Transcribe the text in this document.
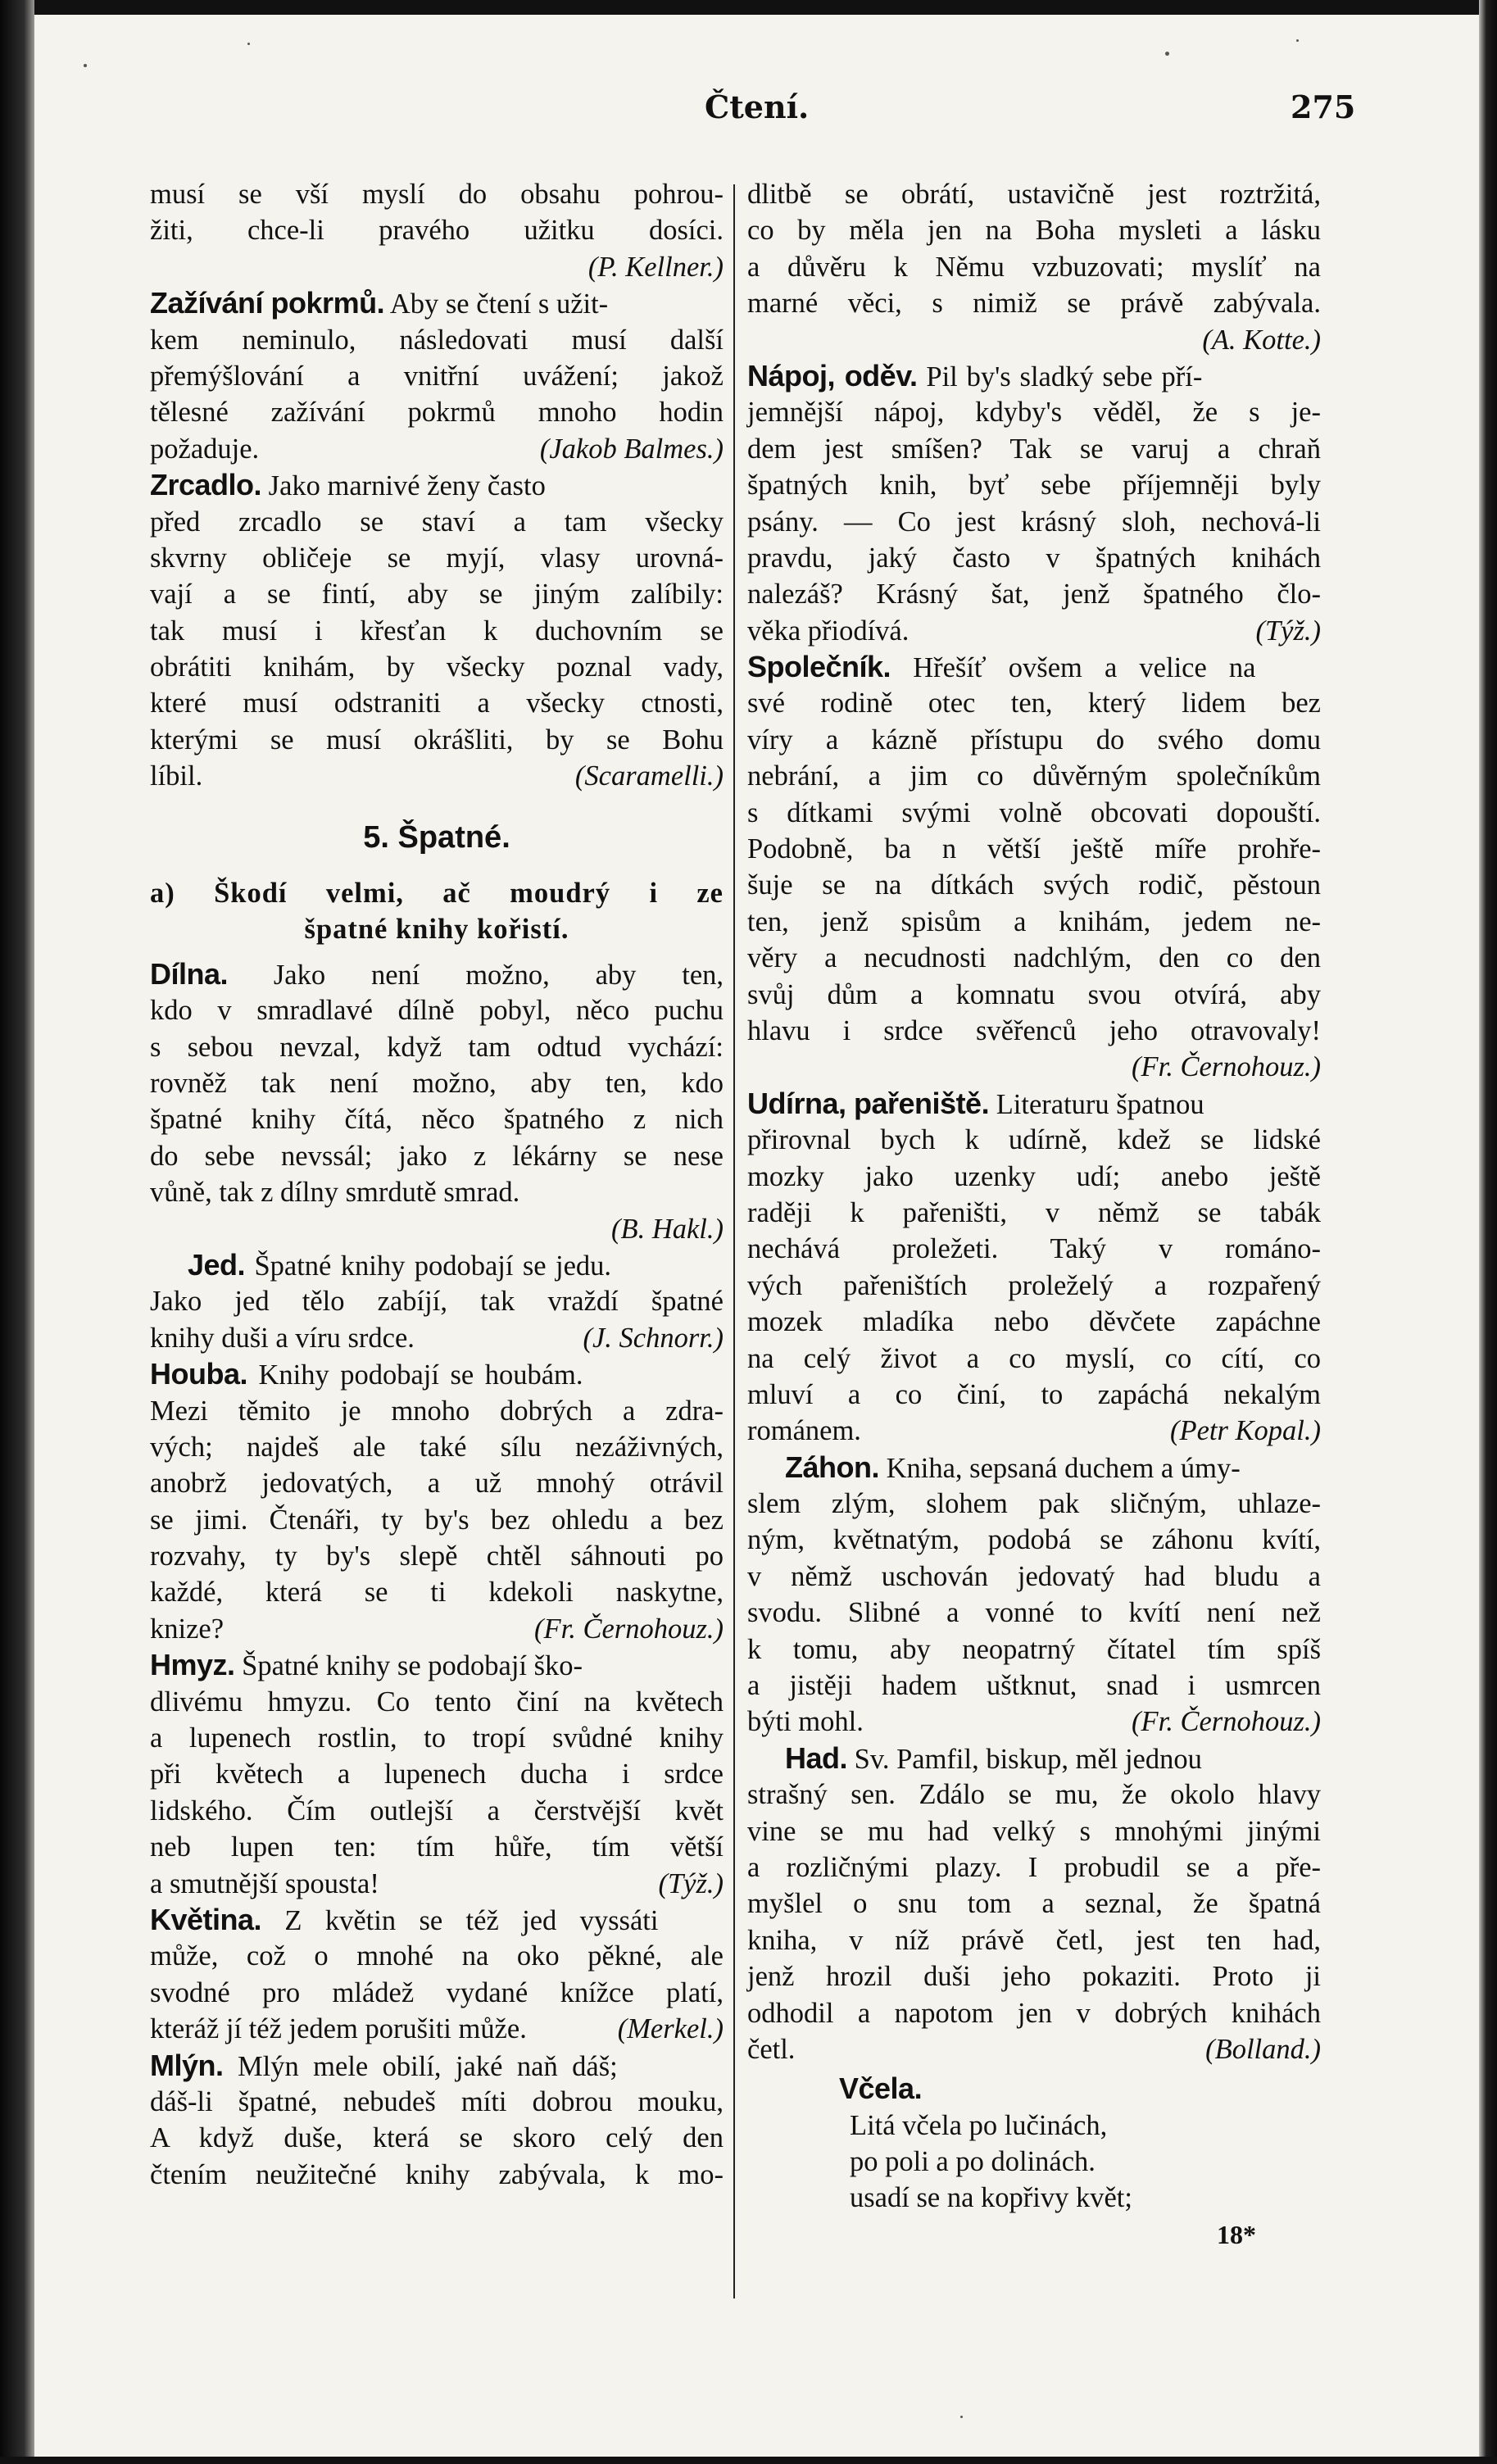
Čtení.	275
musí se vší myslí do obsahu pohrou-
žiti, chce-li pravého užitku dosíci.
(P. Kellner.)
Zažívání pokrmů. Aby se čtení s užit-
kem neminulo, následovati musí další
přemýšlování a vnitřní uvážení; jakož
tělesné zažívání pokrmů mnoho hodin
požaduje.	(Jakob Balmes.)
Zrcadlo. Jako marnivé ženy často
před zrcadlo se staví a tam všecky
skvrny obličeje se myjí, vlasy urovná-
vají a se fintí, aby se jiným zalíbily:
tak musí i křesťan k duchovním se
obrátiti knihám, by všecky poznal vady,
které musí odstraniti a všecky ctnosti,
kterými se musí okrášliti, by se Bohu
líbil.	(Scaramelli.)
5. Špatné.
a) Škodí velmi, ač moudrý i ze
špatné knihy kořistí.
Dílna. Jako není možno, aby ten,
kdo v smradlavé dílně pobyl, něco puchu
s sebou nevzal, když tam odtud vychází:
rovněž tak není možno, aby ten, kdo
špatné knihy čítá, něco špatného z nich
do sebe nevssál; jako z lékárny se nese
vůně, tak z dílny smrdutě smrad.
(B. Hakl.)
Jed. Špatné knihy podobají se jedu.
Jako jed tělo zabíjí, tak vraždí špatné
knihy duši a víru srdce.	(J. Schnorr.)
Houba. Knihy podobají se houbám.
Mezi těmito je mnoho dobrých a zdra-
vých; najdeš ale také sílu nezáživných,
anobrž jedovatých, a už mnohý otrávil
se jimi. Čtenáři, ty by's bez ohledu a bez
rozvahy, ty by's slepě chtěl sáhnouti po
každé, která se ti kdekoli naskytne,
knize?	(Fr. Černohouz.)
Hmyz. Špatné knihy se podobají ško-
dlivému hmyzu. Co tento činí na květech
a lupenech rostlin, to tropí svůdné knihy
při květech a lupenech ducha i srdce
lidského. Čím outlejší a čerstvější květ
neb lupen ten: tím hůře, tím větší
a smutnější spousta!	(Týž.)
Květina. Z květin se též jed vyssáti
může, což o mnohé na oko pěkné, ale
svodné pro mládež vydané knížce platí,
kteráž jí též jedem porušiti může.	(Merkel.)
Mlýn. Mlýn mele obilí, jaké naň dáš;
dáš-li špatné, nebudeš míti dobrou mouku,
A když duše, která se skoro celý den
čtením neužitečné knihy zabývala, k mo-
dlitbě se obrátí, ustavičně jest roztržitá,
co by měla jen na Boha mysleti a lásku
a důvěru k Němu vzbuzovati; myslíť na
marné věci, s nimiž se právě zabývala.
(A. Kotte.)
Nápoj, oděv. Pil by's sladký sebe pří-
jemnější nápoj, kdyby's věděl, že s je-
dem jest smíšen? Tak se varuj a chraň
špatných knih, byť sebe příjemněji byly
psány. — Co jest krásný sloh, nechová-li
pravdu, jaký často v špatných knihách
nalezáš? Krásný šat, jenž špatného člo-
věka přiodívá.	(Týž.)
Společník. Hřešíť ovšem a velice na
své rodině otec ten, který lidem bez
víry a kázně přístupu do svého domu
nebrání, a jim co důvěrným společníkům
s dítkami svými volně obcovati dopouští.
Podobně, ba n větší ještě míře prohře-
šuje se na dítkách svých rodič, pěstoun
ten, jenž spisům a knihám, jedem ne-
věry a necudnosti nadchlým, den co den
svůj dům a komnatu svou otvírá, aby
hlavu i srdce svěřenců jeho otravovaly!
(Fr. Černohouz.)
Udírna, pařeniště. Literaturu špatnou
přirovnal bych k udírně, kdež se lidské
mozky jako uzenky udí; anebo ještě
raději k pařeništi, v němž se tabák
nechává proležeti. Taký v románo-
vých pařeništích proleželý a rozpařený
mozek mladíka nebo děvčete zapáchne
na celý život a co myslí, co cítí, co
mluví a co činí, to zapáchá nekalým
románem.	(Petr Kopal.)
Záhon. Kniha, sepsaná duchem a úmy-
slem zlým, slohem pak sličným, uhlaze-
ným, květnatým, podobá se záhonu kvítí,
v němž uschován jedovatý had bludu a
svodu. Slibné a vonné to kvítí není než
k tomu, aby neopatrný čítatel tím spíš
a jistěji hadem uštknut, snad i usmrcen
býti mohl.	(Fr. Černohouz.)
Had. Sv. Pamfil, biskup, měl jednou
strašný sen. Zdálo se mu, že okolo hlavy
vine se mu had velký s mnohými jinými
a rozličnými plazy. I probudil se a pře-
myšlel o snu tom a seznal, že špatná
kniha, v níž právě četl, jest ten had,
jenž hrozil duši jeho pokaziti. Proto ji
odhodil a napotom jen v dobrých knihách
četl.	(Bolland.)
Včela.
Litá včela po lučinách,
po poli a po dolinách.
usadí se na kopřivy květ;
18*
